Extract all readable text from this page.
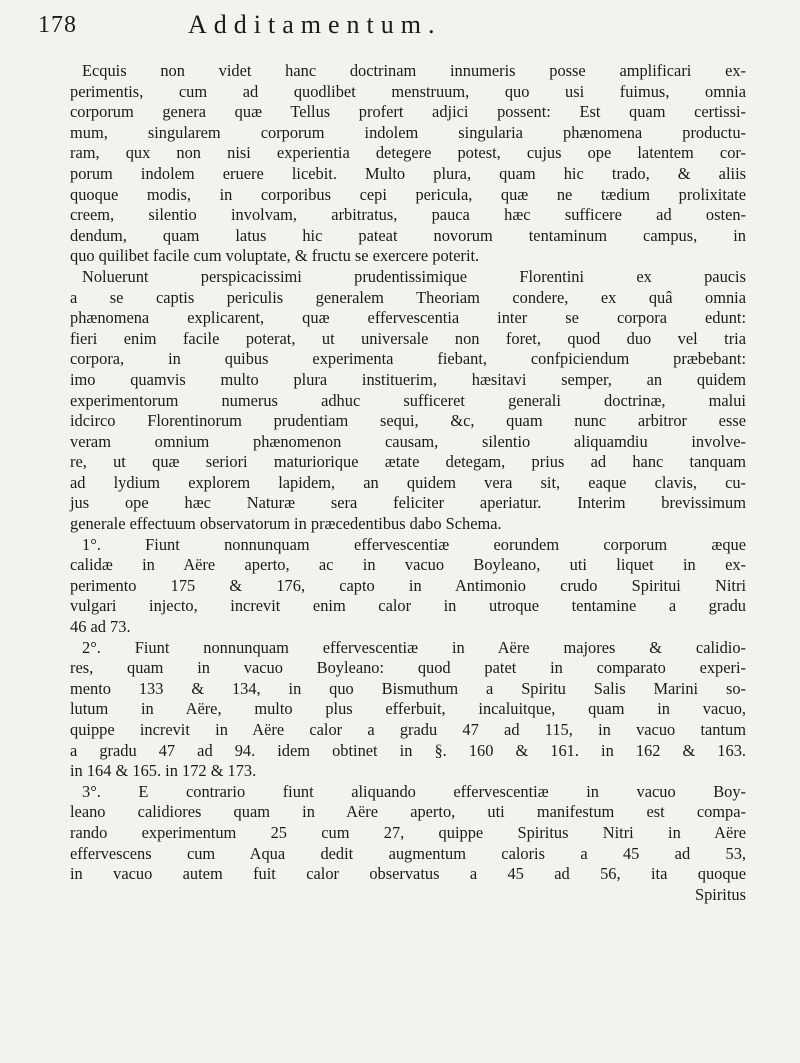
178	Additamentum.
Ecquis non videt hanc doctrinam innumeris posse amplificari ex-
perimentis, cum ad quodlibet menstruum, quo usi fuimus, omnia
corporum genera quæ Tellus profert adjici possent: Est quam certissi-
mum, singularem corporum indolem singularia phænomena productu-
ram, qux non nisi experientia detegere potest, cujus ope latentem cor-
porum indolem eruere licebit. Multo plura, quam hic trado, & aliis
quoque modis, in corporibus cepi pericula, quæ ne tædium prolixitate
creem, silentio involvam, arbitratus, pauca hæc sufficere ad osten-
dendum, quam latus hic pateat novorum tentaminum campus, in
quo quilibet facile cum voluptate, & fructu se exercere poterit.
Noluerunt perspicacissimi prudentissimique Florentini ex paucis
a se captis periculis generalem Theoriam condere, ex quâ omnia
phænomena explicarent, quæ effervescentia inter se corpora edunt:
fieri enim facile poterat, ut universale non foret, quod duo vel tria
corpora, in quibus experimenta fiebant, confpiciendum præbebant:
imo quamvis multo plura instituerim, hæsitavi semper, an quidem
experimentorum numerus adhuc sufficeret generali doctrinæ, malui
idcirco Florentinorum prudentiam sequi, &c, quam nunc arbitror esse
veram omnium phænomenon causam, silentio aliquamdiu involve-
re, ut quæ seriori maturiorique ætate detegam, prius ad hanc tanquam
ad lydium explorem lapidem, an quidem vera sit, eaque clavis, cu-
jus ope hæc Naturæ sera feliciter aperiatur. Interim brevissimum
generale effectuum observatorum in præcedentibus dabo Schema.
1°. Fiunt nonnunquam effervescentiæ eorundem corporum æque
calidæ in Aëre aperto, ac in vacuo Boyleano, uti liquet in ex-
perimento 175 & 176, capto in Antimonio crudo Spiritui Nitri
vulgari injecto, increvit enim calor in utroque tentamine a gradu
46 ad 73.
2°. Fiunt nonnunquam effervescentiæ in Aëre majores & calidio-
res, quam in vacuo Boyleano: quod patet in comparato experi-
mento 133 & 134, in quo Bismuthum a Spiritu Salis Marini so-
lutum in Aëre, multo plus efferbuit, incaluitque, quam in vacuo,
quippe increvit in Aëre calor a gradu 47 ad 115, in vacuo tantum
a gradu 47 ad 94. idem obtinet in §. 160 & 161. in 162 & 163.
in 164 & 165. in 172 & 173.
3°. E contrario fiunt aliquando effervescentiæ in vacuo Boy-
leano calidiores quam in Aëre aperto, uti manifestum est compa-
rando experimentum 25 cum 27, quippe Spiritus Nitri in Aëre
effervescens cum Aqua dedit augmentum caloris a 45 ad 53,
in vacuo autem fuit calor observatus a 45 ad 56, ita quoque
Spiritus
